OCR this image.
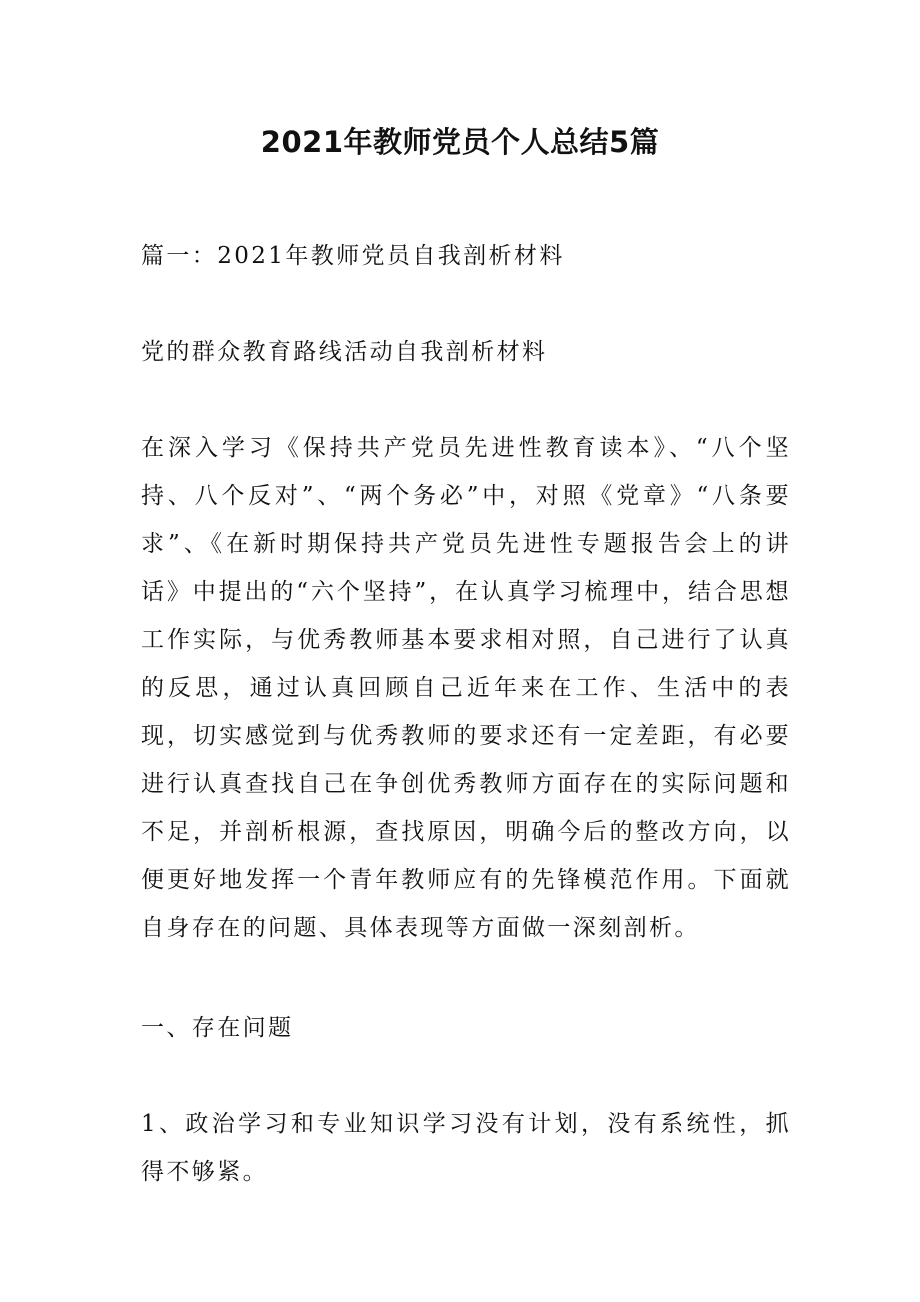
2021年教师党员个人总结5篇

篇一：2021年教师党员自我剖析材料

党的群众教育路线活动自我剖析材料

在深入学习《保持共产党员先进性教育读本》、“八个坚持、八个反对”、“两个务必”中，对照《党章》“八条要求”、《在新时期保持共产党员先进性专题报告会上的讲话》中提出的“六个坚持”，在认真学习梳理中，结合思想工作实际，与优秀教师基本要求相对照，自己进行了认真的反思，通过认真回顾自己近年来在工作、生活中的表现，切实感觉到与优秀教师的要求还有一定差距，有必要进行认真查找自己在争创优秀教师方面存在的实际问题和不足，并剖析根源，查找原因，明确今后的整改方向，以便更好地发挥一个青年教师应有的先锋模范作用。下面就自身存在的问题、具体表现等方面做一深刻剖析。

一、存在问题

1、政治学习和专业知识学习没有计划，没有系统性，抓得不够紧。
